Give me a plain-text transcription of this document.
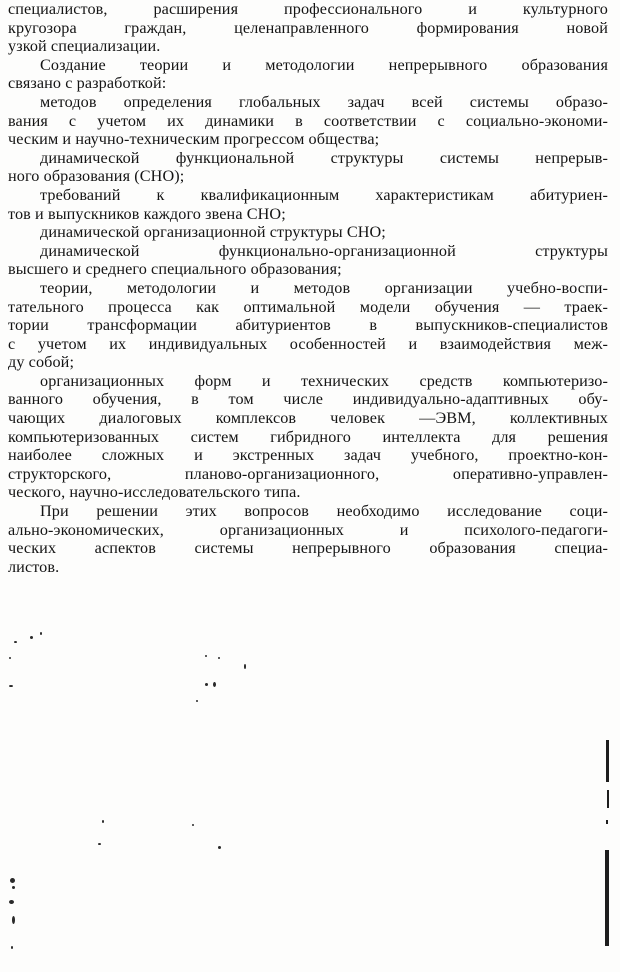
специалистов, расширения профессионального и культурного
кругозора граждан, целенаправленного формирования новой
узкой специализации.
Создание теории и методологии непрерывного образования
связано с разработкой:
методов определения глобальных задач всей системы образо-
вания с учетом их динамики в соответствии с социально-экономи-
ческим и научно-техническим прогрессом общества;
динамической функциональной структуры системы непрерыв-
ного образования (СНО);
требований к квалификационным характеристикам абитуриен-
тов и выпускников каждого звена СНО;
динамической организационной структуры СНО;
динамической функционально-организационной структуры
высшего и среднего специального образования;
теории, методологии и методов организации учебно-воспи-
тательного процесса как оптимальной модели обучения — траек-
тории трансформации абитуриентов в выпускников-специалистов
с учетом их индивидуальных особенностей и взаимодействия меж-
ду собой;
организационных форм и технических средств компьютеризо-
ванного обучения, в том числе индивидуально-адаптивных обу-
чающих диалоговых комплексов человек —ЭВМ, коллективных
компьютеризованных систем гибридного интеллекта для решения
наиболее сложных и экстренных задач учебного, проектно-кон-
структорского, планово-организационного, оперативно-управлен-
ческого, научно-исследовательского типа.
При решении этих вопросов необходимо исследование соци-
ально-экономических, организационных и психолого-педагоги-
ческих аспектов системы непрерывного образования специа-
листов.
